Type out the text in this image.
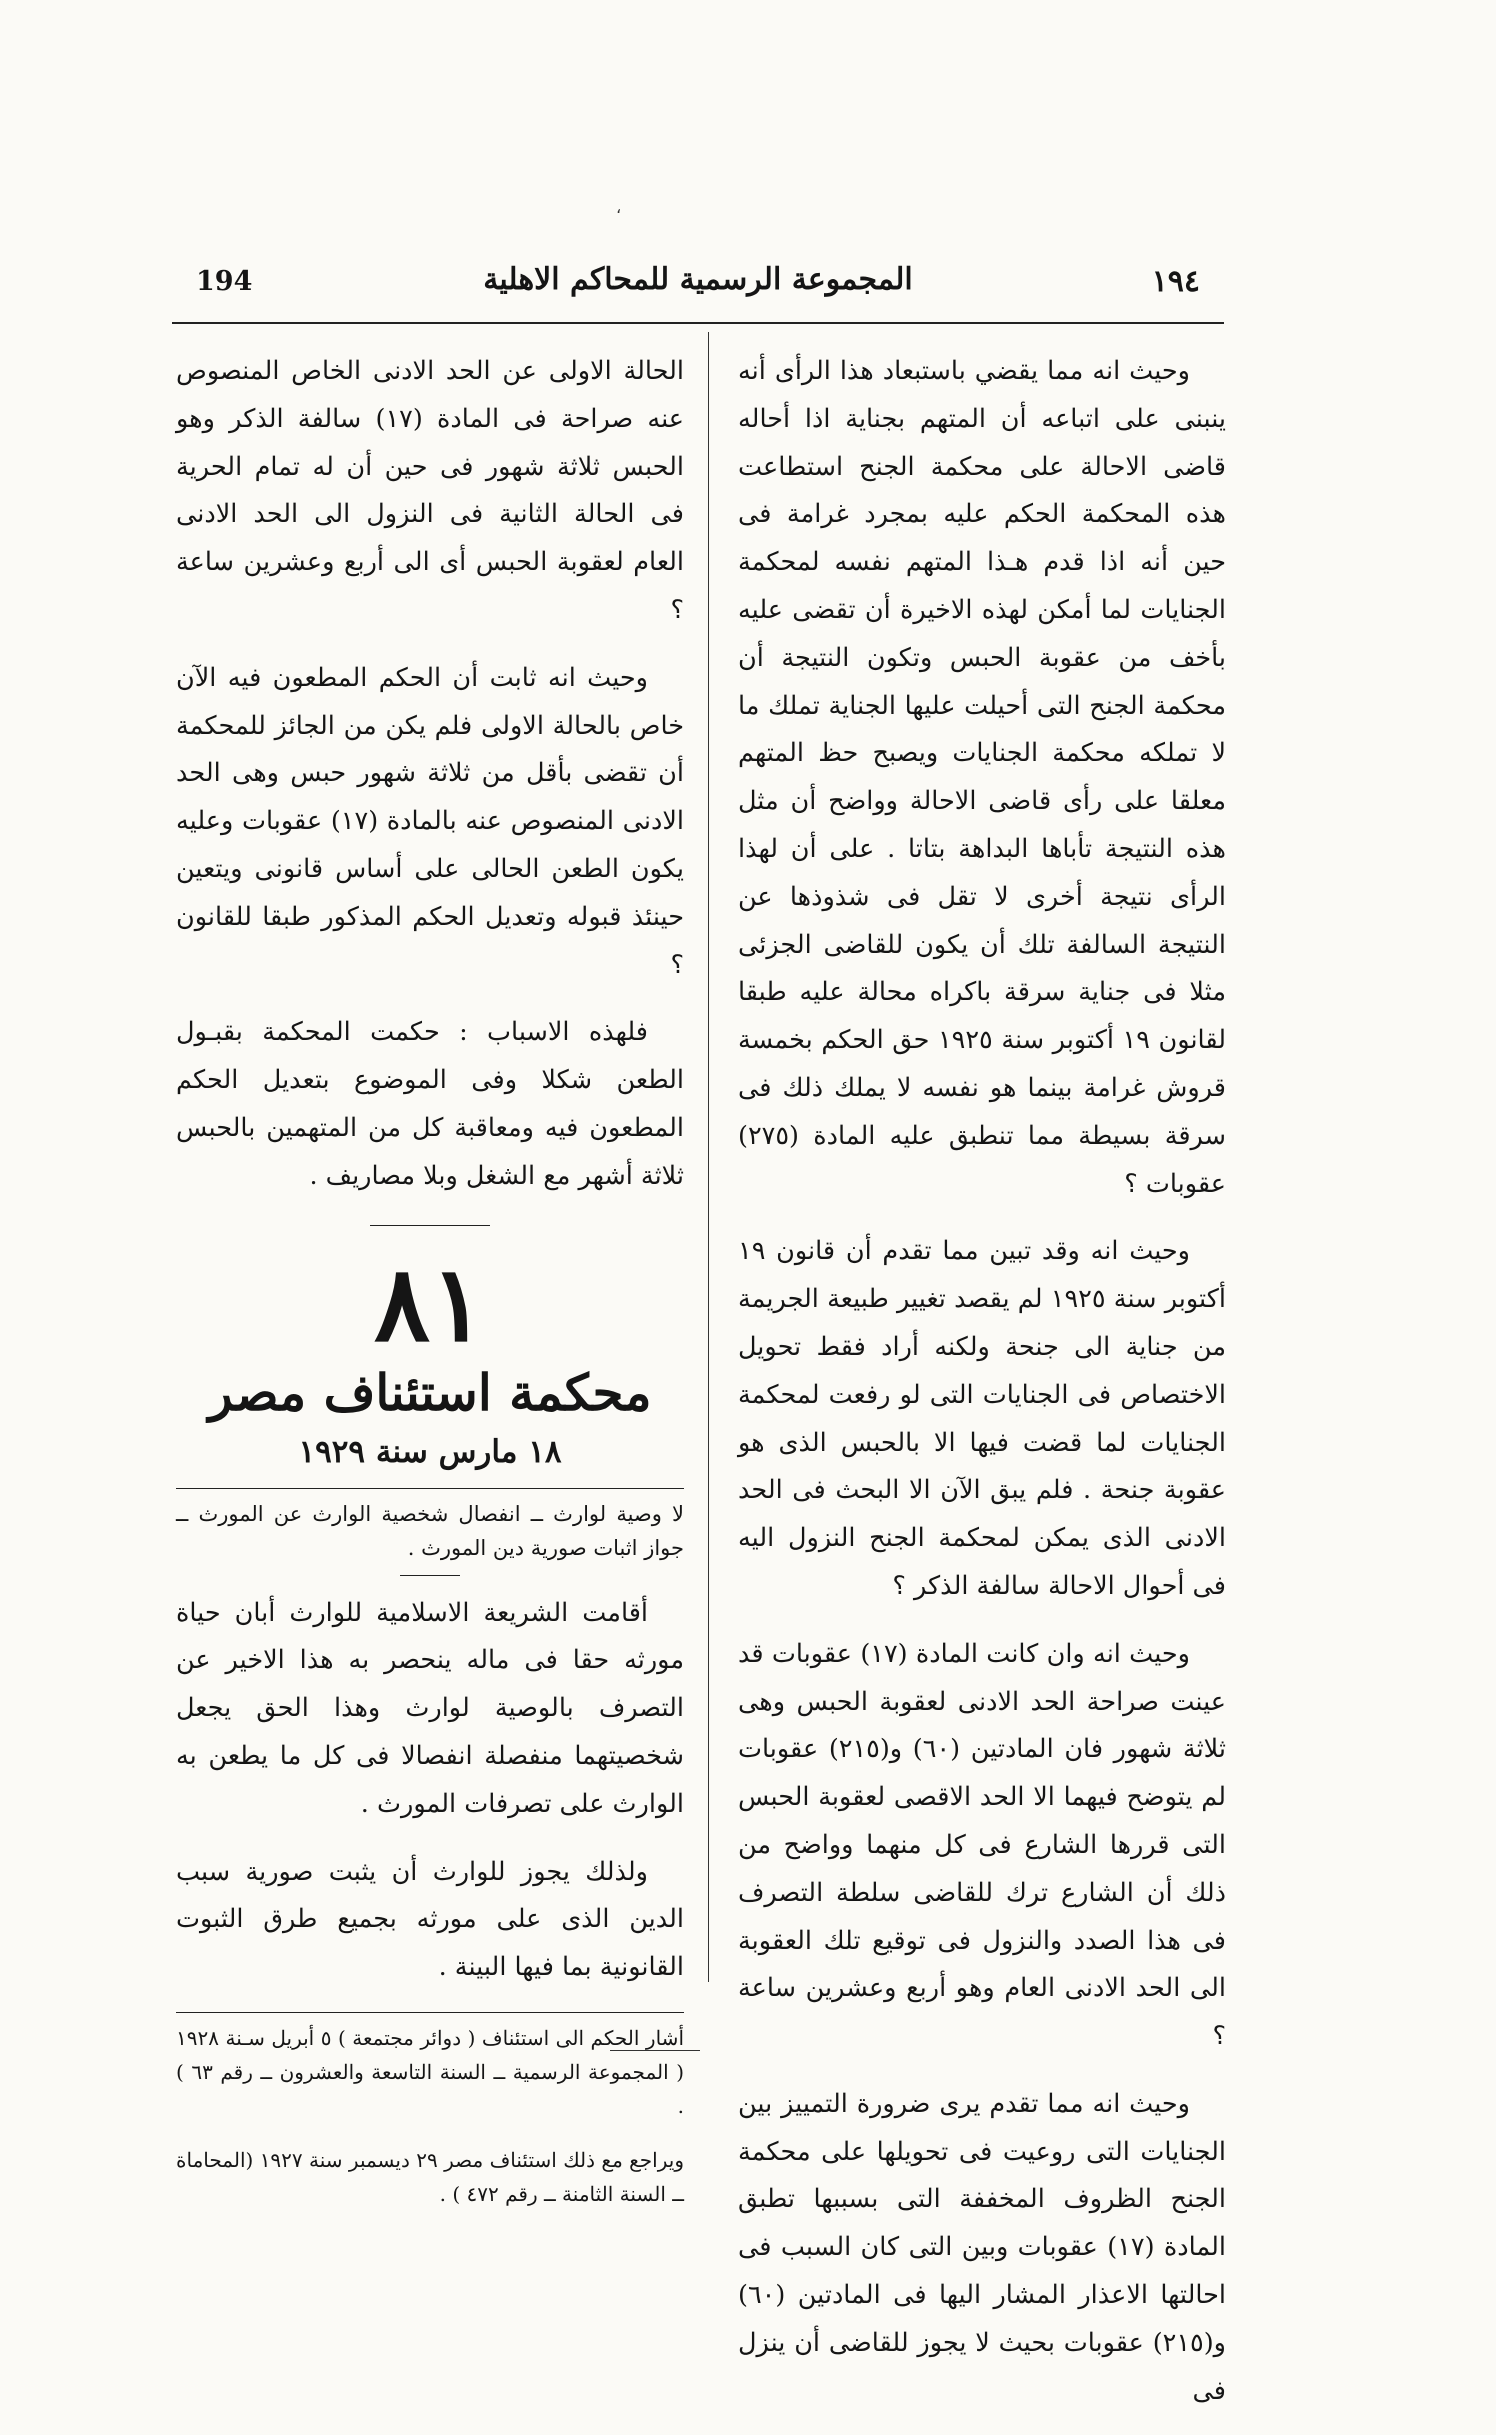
،
194	المجموعة الرسمية للمحاكم الاهلية	١٩٤

وحيث انه مما يقضي باستبعاد هذا الرأى أنه ينبنى على اتباعه أن المتهم بجناية اذا أحاله قاضى الاحالة على محكمة الجنح استطاعت هذه المحكمة الحكم عليه بمجرد غرامة فى حين أنه اذا قدم هـذا المتهم نفسه لمحكمة الجنايات لما أمكن لهذه الاخيرة أن تقضى عليه بأخف من عقوبة الحبس وتكون النتيجة أن محكمة الجنح التى أحيلت عليها الجناية تملك ما لا تملكه محكمة الجنايات ويصبح حظ المتهم معلقا على رأى قاضى الاحالة وواضح أن مثل هذه النتيجة تأباها البداهة بتاتا . على أن لهذا الرأى نتيجة أخرى لا تقل فى شذوذها عن النتيجة السالفة تلك أن يكون للقاضى الجزئى مثلا فى جناية سرقة باكراه محالة عليه طبقا لقانون ١٩ أكتوبر سنة ١٩٢٥ حق الحكم بخمسة قروش غرامة بينما هو نفسه لا يملك ذلك فى سرقة بسيطة مما تنطبق عليه المادة (٢٧٥) عقوبات ؟

وحيث انه وقد تبين مما تقدم أن قانون ١٩ أكتوبر سنة ١٩٢٥ لم يقصد تغيير طبيعة الجريمة من جناية الى جنحة ولكنه أراد فقط تحويل الاختصاص فى الجنايات التى لو رفعت لمحكمة الجنايات لما قضت فيها الا بالحبس الذى هو عقوبة جنحة . فلم يبق الآن الا البحث فى الحد الادنى الذى يمكن لمحكمة الجنح النزول اليه فى أحوال الاحالة سالفة الذكر ؟

وحيث انه وان كانت المادة (١٧) عقوبات قد عينت صراحة الحد الادنى لعقوبة الحبس وهى ثلاثة شهور فان المادتين (٦٠) و(٢١٥) عقوبات لم يتوضح فيهما الا الحد الاقصى لعقوبة الحبس التى قررها الشارع فى كل منهما وواضح من ذلك أن الشارع ترك للقاضى سلطة التصرف فى هذا الصدد والنزول فى توقيع تلك العقوبة الى الحد الادنى العام وهو أربع وعشرين ساعة ؟

وحيث انه مما تقدم يرى ضرورة التمييز بين الجنايات التى روعيت فى تحويلها على محكمة الجنح الظروف المخففة التى بسببها تطبق المادة (١٧) عقوبات وبين التى كان السبب فى احالتها الاعذار المشار اليها فى المادتين (٦٠) و(٢١٥) عقوبات بحيث لا يجوز للقاضى أن ينزل فى

الحالة الاولى عن الحد الادنى الخاص المنصوص عنه صراحة فى المادة (١٧) سالفة الذكر وهو الحبس ثلاثة شهور فى حين أن له تمام الحرية فى الحالة الثانية فى النزول الى الحد الادنى العام لعقوبة الحبس أى الى أربع وعشرين ساعة ؟

وحيث انه ثابت أن الحكم المطعون فيه الآن خاص بالحالة الاولى فلم يكن من الجائز للمحكمة أن تقضى بأقل من ثلاثة شهور حبس وهى الحد الادنى المنصوص عنه بالمادة (١٧) عقوبات وعليه يكون الطعن الحالى على أساس قانونى ويتعين حينئذ قبوله وتعديل الحكم المذكور طبقا للقانون ؟

فلهذه الاسباب : حكمت المحكمة بقبـول الطعن شكلا وفى الموضوع بتعديل الحكم المطعون فيه ومعاقبة كل من المتهمين بالحبس ثلاثة أشهر مع الشغل وبلا مصاريف .

٨١
محكمة استئناف مصر
١٨ مارس سنة ١٩٢٩
لا وصية لوارث ــ انفصال شخصية الوارث عن المورث ــ جواز اثبات صورية دين المورث .

أقامت الشريعة الاسلامية للوارث أبان حياة مورثه حقا فى ماله ينحصر به هذا الاخير عن التصرف بالوصية لوارث وهذا الحق يجعل شخصيتهما منفصلة انفصالا فى كل ما يطعن به الوارث على تصرفات المورث .

ولذلك يجوز للوارث أن يثبت صورية سبب الدين الذى على مورثه بجميع طرق الثبوت القانونية بما فيها البينة .

أشار الحكم الى استئناف ( دوائر مجتمعة ) ٥ أبريل سـنة ١٩٢٨ ( المجموعة الرسمية ــ السنة التاسعة والعشرون ــ رقم ٦٣ ) .

ويراجع مع ذلك استئناف مصر ٢٩ ديسمبر سنة ١٩٢٧ (المحاماة ــ السنة الثامنة ــ رقم ٤٧٢ ) .
